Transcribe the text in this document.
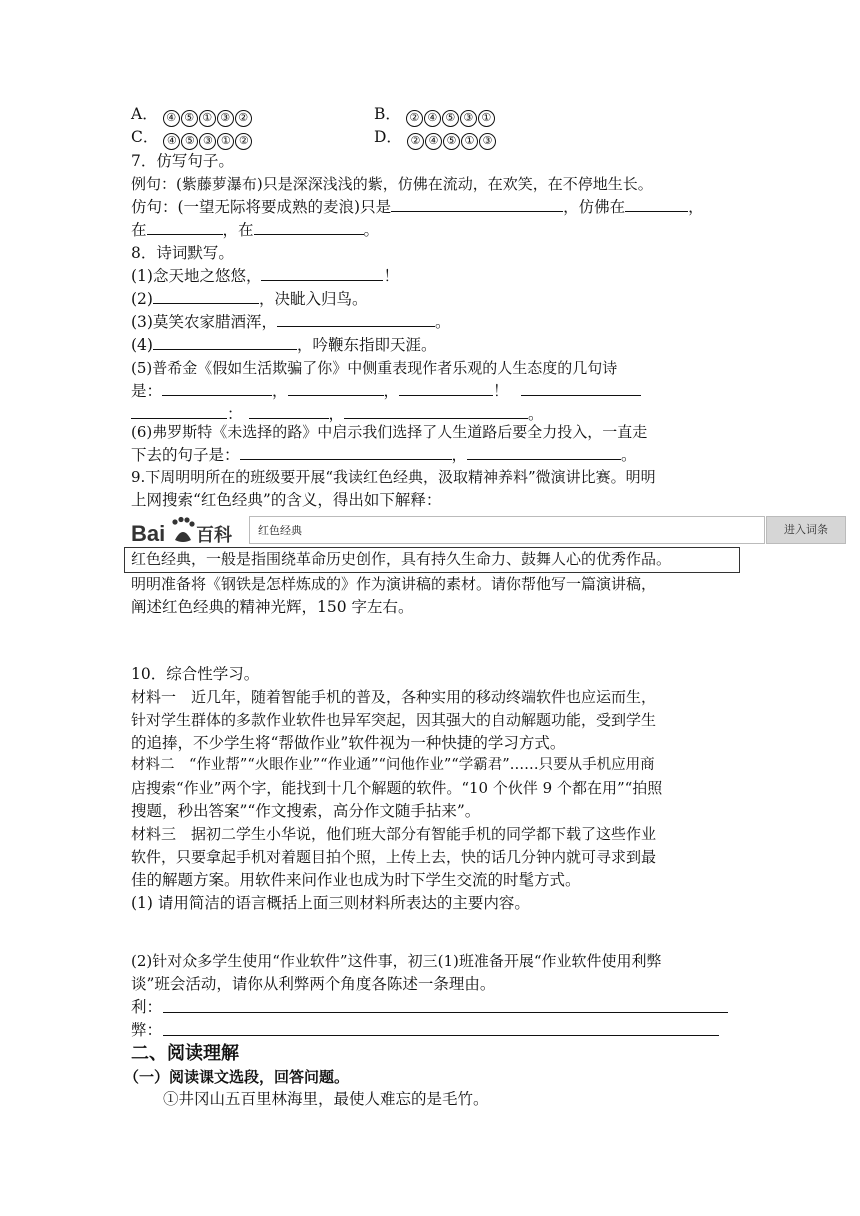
A． ④ ⑤ ① ③ ②	B． ② ④ ⑤ ③ ①
C． ④ ⑤ ③ ① ②	D． ② ④ ⑤ ① ③
7．仿写句子。
例句：(紫藤萝瀑布)只是深深浅浅的紫，仿佛在流动，在欢笑，在不停地生长。
仿句：(一望无际将要成熟的麦浪)只是	，仿佛在	，
在	，在	。
8．诗词默写。
(1)念天地之悠悠，	！
(2)	，决眦入归鸟。
(3)莫笑农家腊酒浑，	。
(4)	，吟鞭东指即天涯。
(5)普希金《假如生活欺骗了你》中侧重表现作者乐观的人生态度的几句诗
是：	，	，	！
：	，	。
(6)弗罗斯特《未选择的路》中启示我们选择了人生道路后要全力投入，一直走
下去的句子是：	，	。
9.下周明明所在的班级要开展“我读红色经典，汲取精神养料”微演讲比赛。明明
上网搜索“红色经典”的含义，得出如下解释：
Bai 百科	红色经典	进入词条
红色经典，一般是指围绕革命历史创作，具有持久生命力、鼓舞人心的优秀作品。
明明准备将《钢铁是怎样炼成的》作为演讲稿的素材。请你帮他写一篇演讲稿，
阐述红色经典的精神光辉，150 字左右。
10．综合性学习。
材料一　近几年，随着智能手机的普及，各种实用的移动终端软件也应运而生，
针对学生群体的多款作业软件也异军突起，因其强大的自动解题功能，受到学生
的追捧，不少学生将“帮做作业”软件视为一种快捷的学习方式。
材料二　“作业帮”“火眼作业”“作业通”“问他作业”“学霸君”……只要从手机应用商
店搜索“作业”两个字，能找到十几个解题的软件。“10 个伙伴 9 个都在用”“拍照
搜题，秒出答案”“作文搜索，高分作文随手拈来”。
材料三　据初二学生小华说，他们班大部分有智能手机的同学都下载了这些作业
软件，只要拿起手机对着题目拍个照，上传上去，快的话几分钟内就可寻求到最
佳的解题方案。用软件来问作业也成为时下学生交流的时髦方式。
(1) 请用简洁的语言概括上面三则材料所表达的主要内容。
(2)针对众多学生使用“作业软件”这件事，初三(1)班准备开展“作业软件使用利弊
谈”班会活动，请你从利弊两个角度各陈述一条理由。
利：
弊：
二、阅读理解
（一）阅读课文选段，回答问题。
①井冈山五百里林海里，最使人难忘的是毛竹。
